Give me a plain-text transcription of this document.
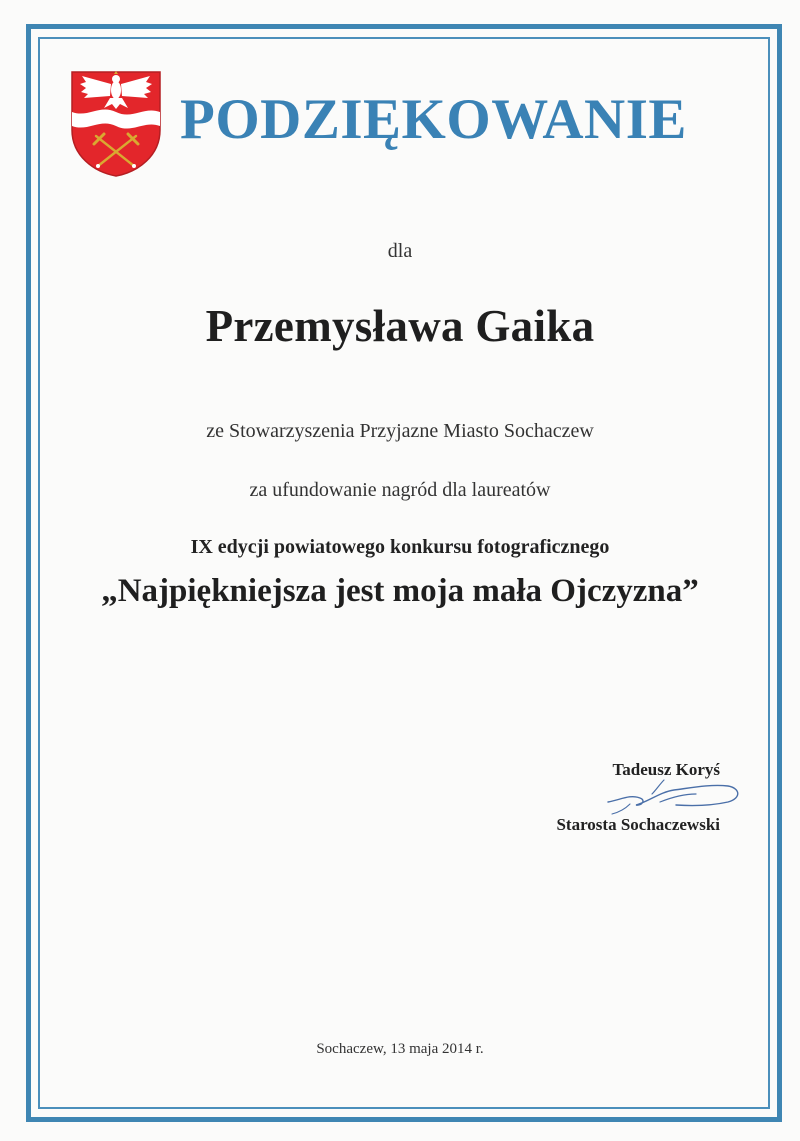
PODZIĘKOWANIE
dla
Przemysława Gaika
ze Stowarzyszenia Przyjazne Miasto Sochaczew
za ufundowanie nagród dla laureatów
IX edycji powiatowego konkursu fotograficznego
„Najpiękniejsza jest moja mała Ojczyzna”
Tadeusz Koryś
Starosta Sochaczewski
Sochaczew, 13 maja 2014 r.
